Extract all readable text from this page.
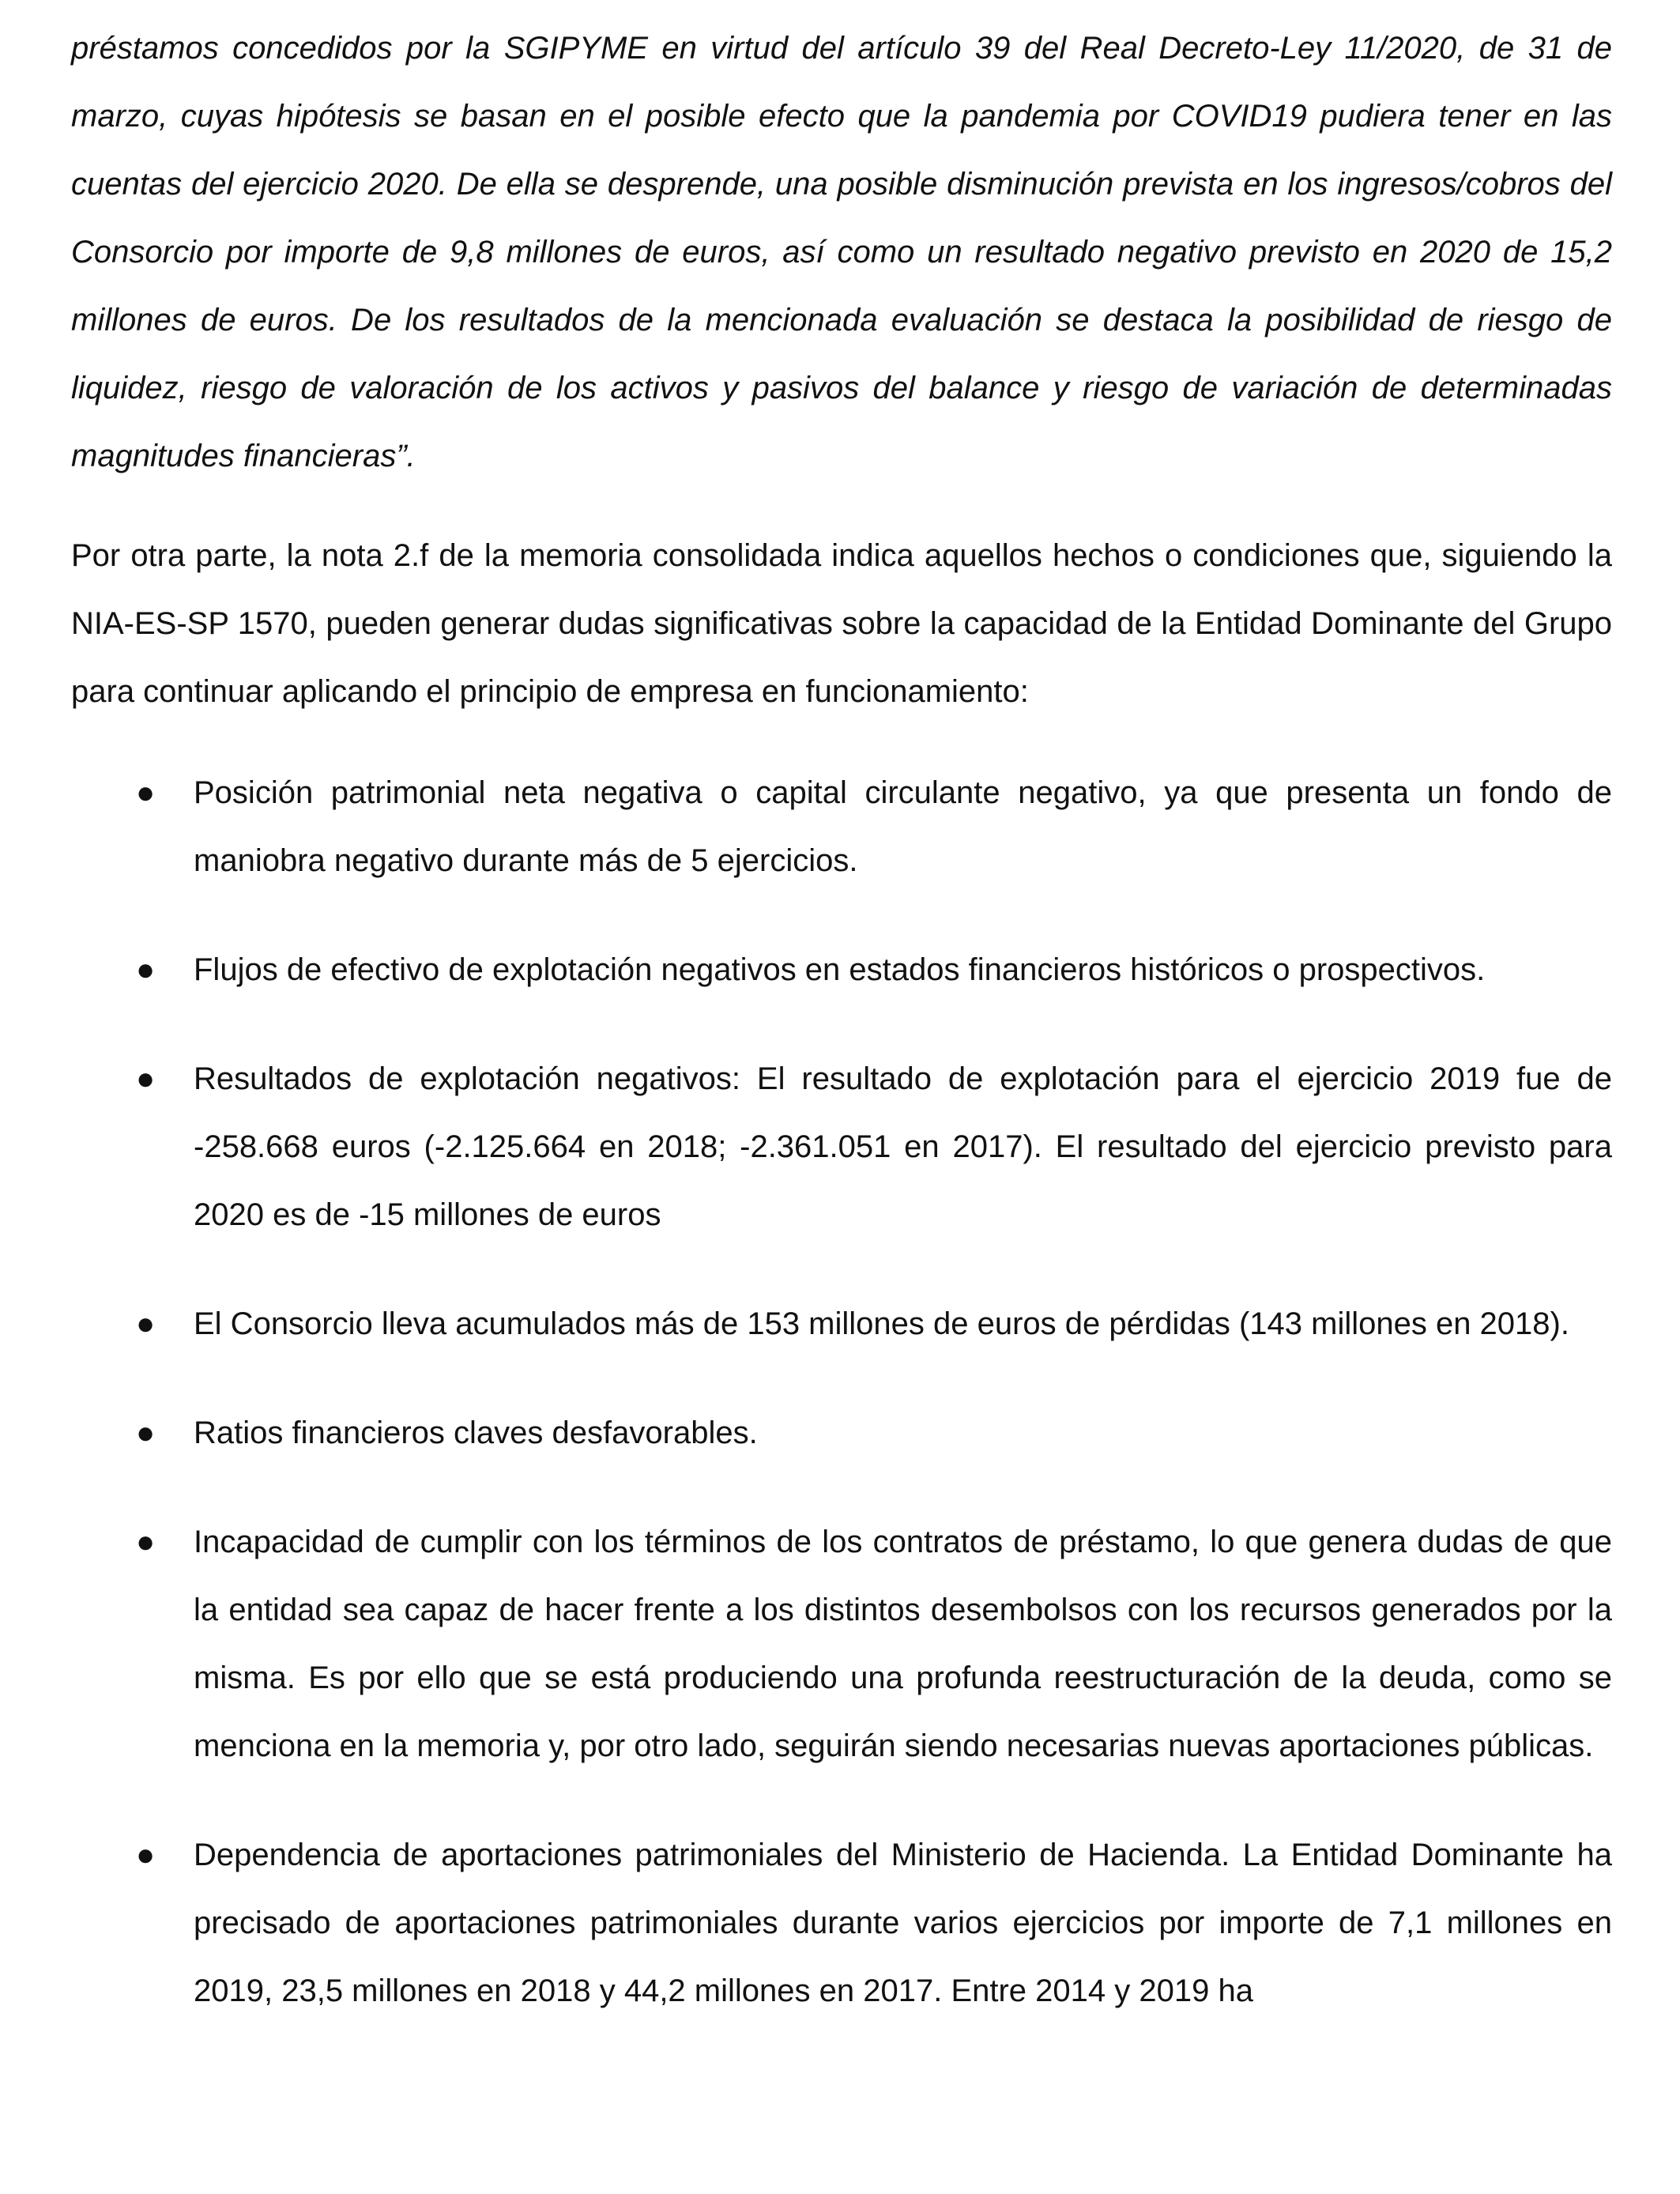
préstamos concedidos por la SGIPYME en virtud del artículo 39 del Real Decreto-Ley 11/2020, de 31 de marzo, cuyas hipótesis se basan en el posible efecto que la pandemia por COVID19 pudiera tener en las cuentas del ejercicio 2020. De ella se desprende, una posible disminución prevista en los ingresos/cobros del Consorcio por importe de 9,8 millones de euros, así como un resultado negativo previsto en 2020 de 15,2 millones de euros. De los resultados de la mencionada evaluación se destaca la posibilidad de riesgo de liquidez, riesgo de valoración de los activos y pasivos del balance y riesgo de variación de determinadas magnitudes financieras”.

Por otra parte, la nota 2.f de la memoria consolidada indica aquellos hechos o condiciones que, siguiendo la NIA-ES-SP 1570, pueden generar dudas significativas sobre la capacidad de la Entidad Dominante del Grupo para continuar aplicando el principio de empresa en funcionamiento:

● Posición patrimonial neta negativa o capital circulante negativo, ya que presenta un fondo de maniobra negativo durante más de 5 ejercicios.

● Flujos de efectivo de explotación negativos en estados financieros históricos o prospectivos.

● Resultados de explotación negativos: El resultado de explotación para el ejercicio 2019 fue de -258.668 euros (-2.125.664 en 2018; -2.361.051 en 2017). El resultado del ejercicio previsto para 2020 es de -15 millones de euros

● El Consorcio lleva acumulados más de 153 millones de euros de pérdidas (143 millones en 2018).

● Ratios financieros claves desfavorables.

● Incapacidad de cumplir con los términos de los contratos de préstamo, lo que genera dudas de que la entidad sea capaz de hacer frente a los distintos desembolsos con los recursos generados por la misma. Es por ello que se está produciendo una profunda reestructuración de la deuda, como se menciona en la memoria y, por otro lado, seguirán siendo necesarias nuevas aportaciones públicas.

● Dependencia de aportaciones patrimoniales del Ministerio de Hacienda. La Entidad Dominante ha precisado de aportaciones patrimoniales durante varios ejercicios por importe de 7,1 millones en 2019, 23,5 millones en 2018 y 44,2 millones en 2017. Entre 2014 y 2019 ha
